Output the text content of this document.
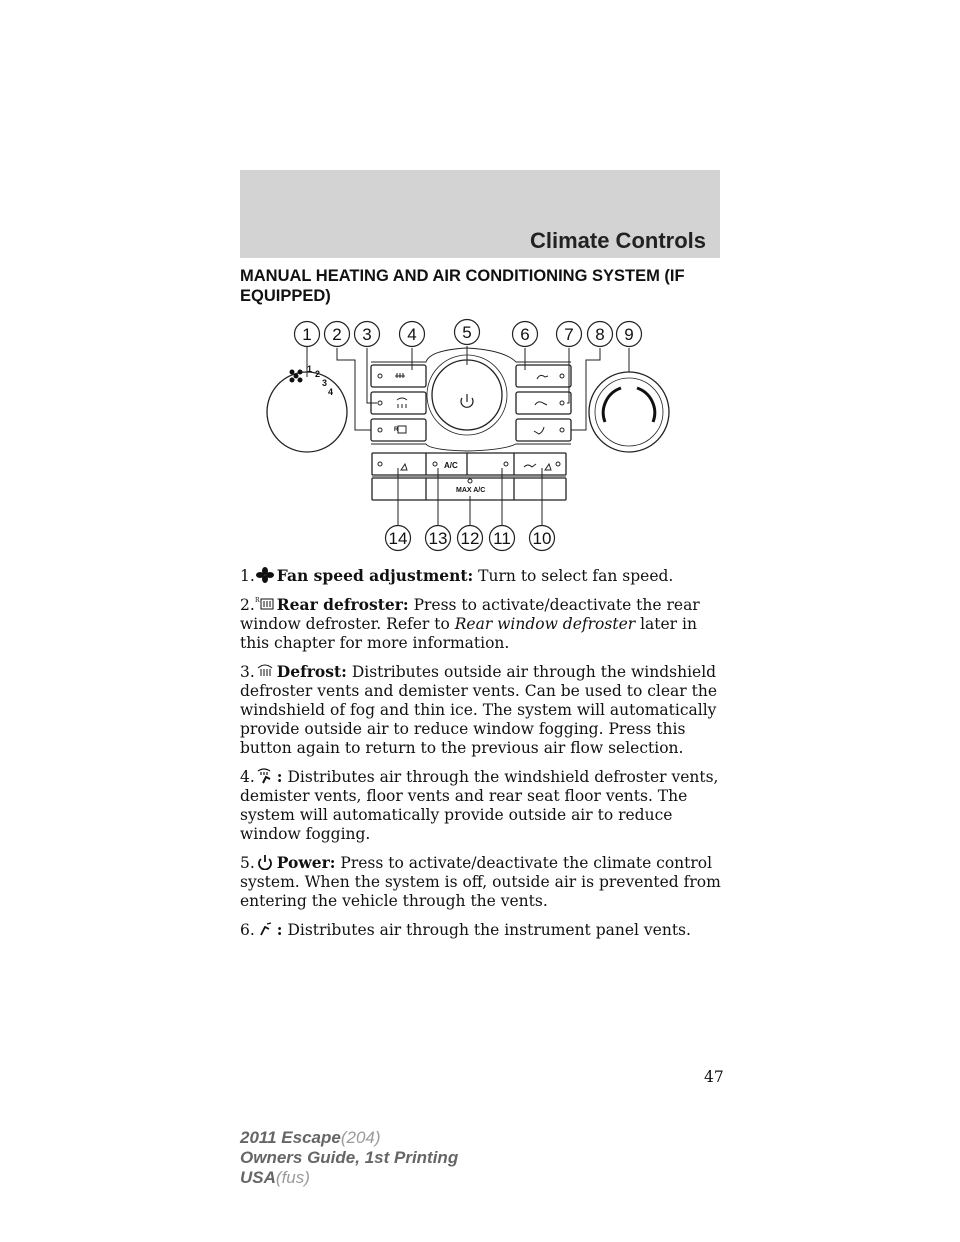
Climate Controls
MANUAL HEATING AND AIR CONDITIONING SYSTEM (IF EQUIPPED)
1 2
3
4
A/C
MAX A/C
R
1 2 3 4	5	6 7 8 9
14 13 12 11 10
1. Fan speed adjustment: Turn to select fan speed.
2. R Rear defroster: Press to activate/deactivate the rear window defroster. Refer to Rear window defroster later in this chapter for more information.
3. Defrost: Distributes outside air through the windshield defroster vents and demister vents. Can be used to clear the windshield of fog and thin ice. The system will automatically provide outside air to reduce window fogging. Press this button again to return to the previous air flow selection.
4. : Distributes air through the windshield defroster vents, demister vents, floor vents and rear seat floor vents. The system will automatically provide outside air to reduce window fogging.
5. Power: Press to activate/deactivate the climate control system. When the system is off, outside air is prevented from entering the vehicle through the vents.
6. : Distributes air through the instrument panel vents.
47
2011 Escape(204)
Owners Guide, 1st Printing
USA(fus)
